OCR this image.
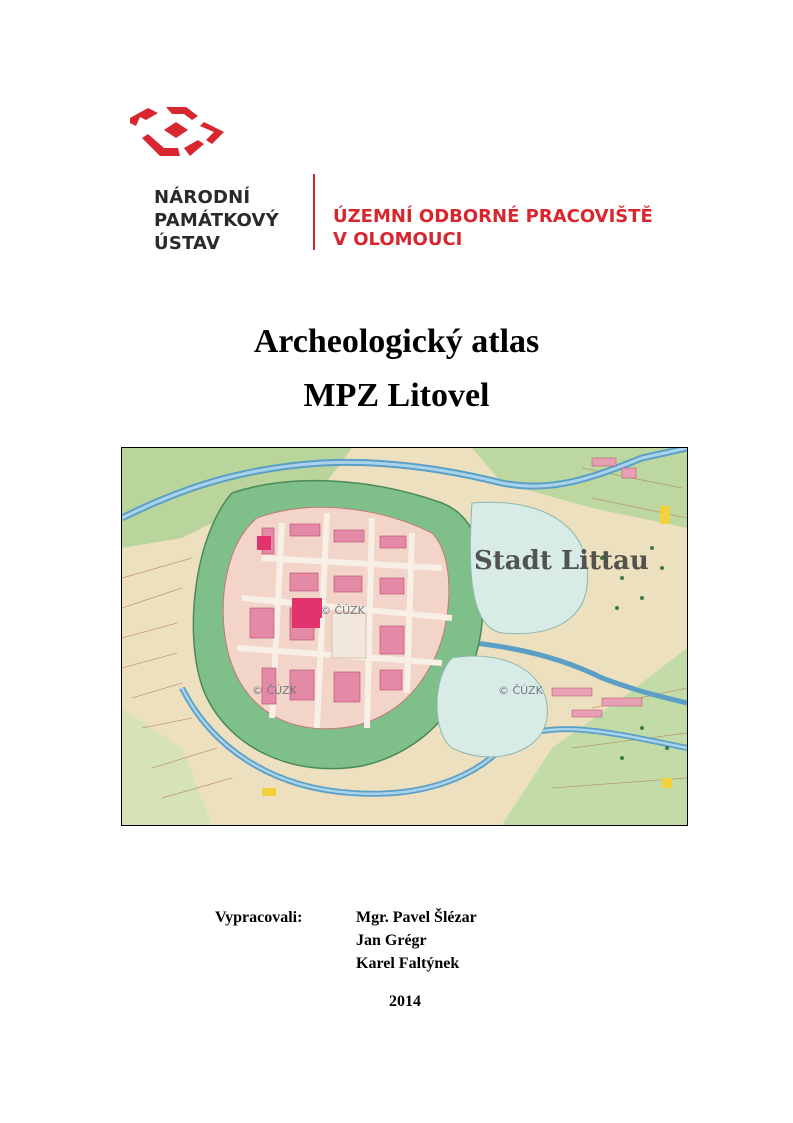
NÁRODNÍ
PAMÁTKOVÝ
ÚSTAV
ÚZEMNÍ ODBORNÉ PRACOVIŠTĚ
V OLOMOUCI
Archeologický atlas
MPZ Litovel
Stadt Littau
© ČÚZK
© ČÚZK	© ČÚZK
Vypracovali:	Mgr. Pavel Šlézar
Jan Grégr
Karel Faltýnek
2014
